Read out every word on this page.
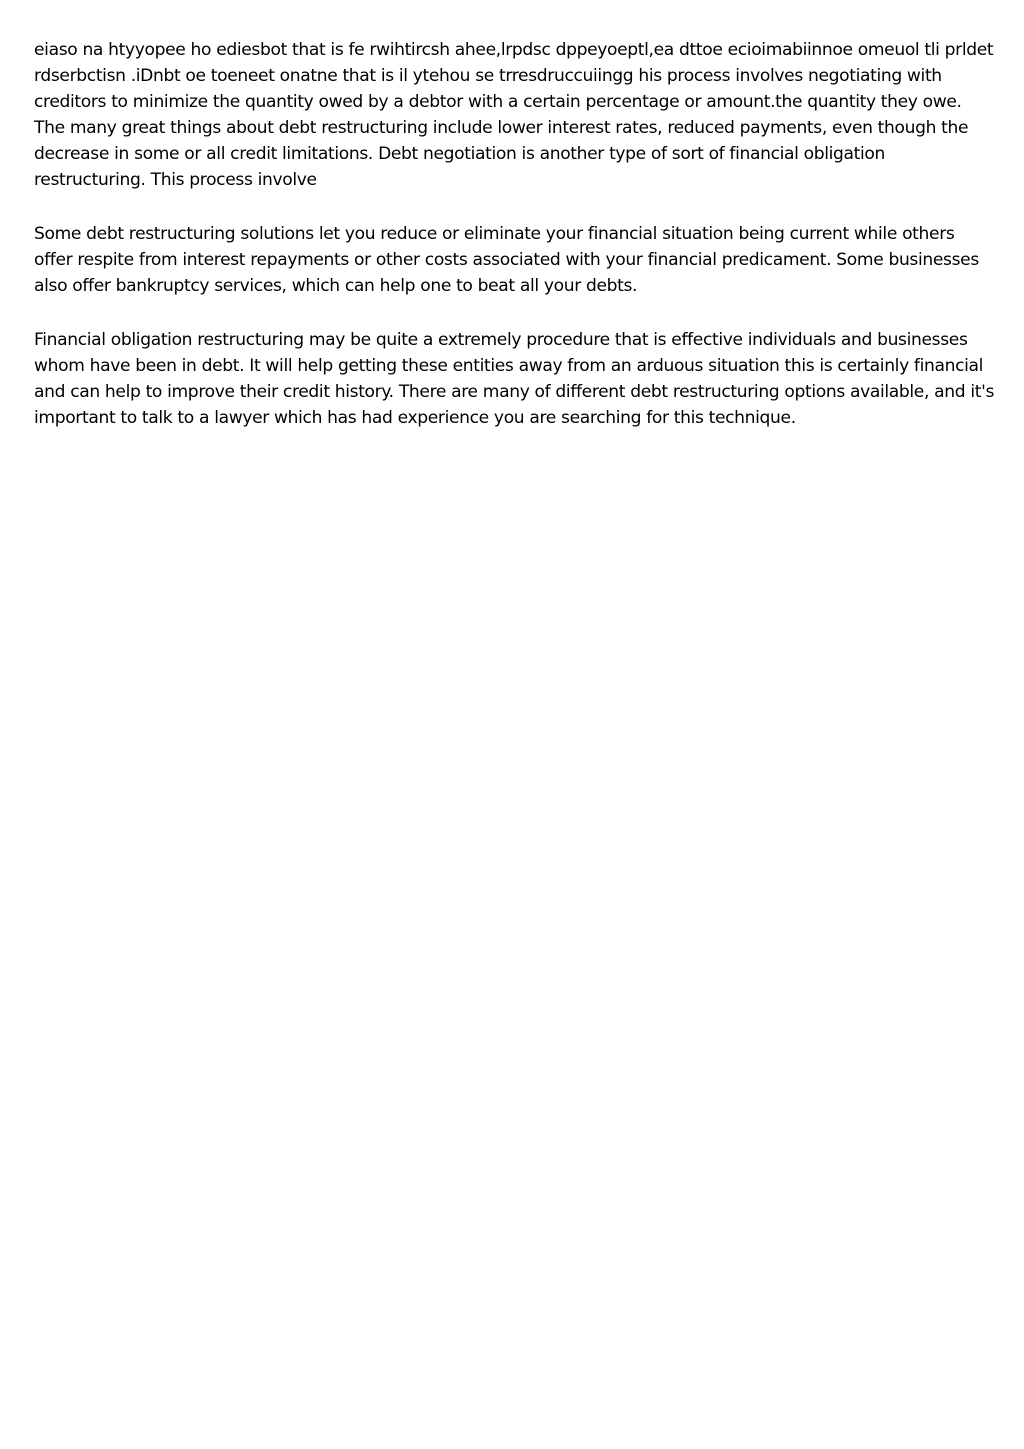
eiaso na htyyopee ho ediesbot that is fe rwihtircsh ahee,lrpdsc dppeyoeptl,ea dttoe ecioimabiinnoe omeuol tli prldet rdserbctisn .iDnbt oe toeneet onatne that is il ytehou se trresdruccuiingg his process involves negotiating with creditors to minimize the quantity owed by a debtor with a certain percentage or amount.the quantity they owe. The many great things about debt restructuring include lower interest rates, reduced payments, even though the decrease in some or all credit limitations. Debt negotiation is another type of sort of financial obligation restructuring. This process involve

Some debt restructuring solutions let you reduce or eliminate your financial situation being current while others offer respite from interest repayments or other costs associated with your financial predicament. Some businesses also offer bankruptcy services, which can help one to beat all your debts.

Financial obligation restructuring may be quite a extremely procedure that is effective individuals and businesses whom have been in debt. It will help getting these entities away from an arduous situation this is certainly financial and can help to improve their credit history. There are many of different debt restructuring options available, and it's important to talk to a lawyer which has had experience you are searching for this technique.
